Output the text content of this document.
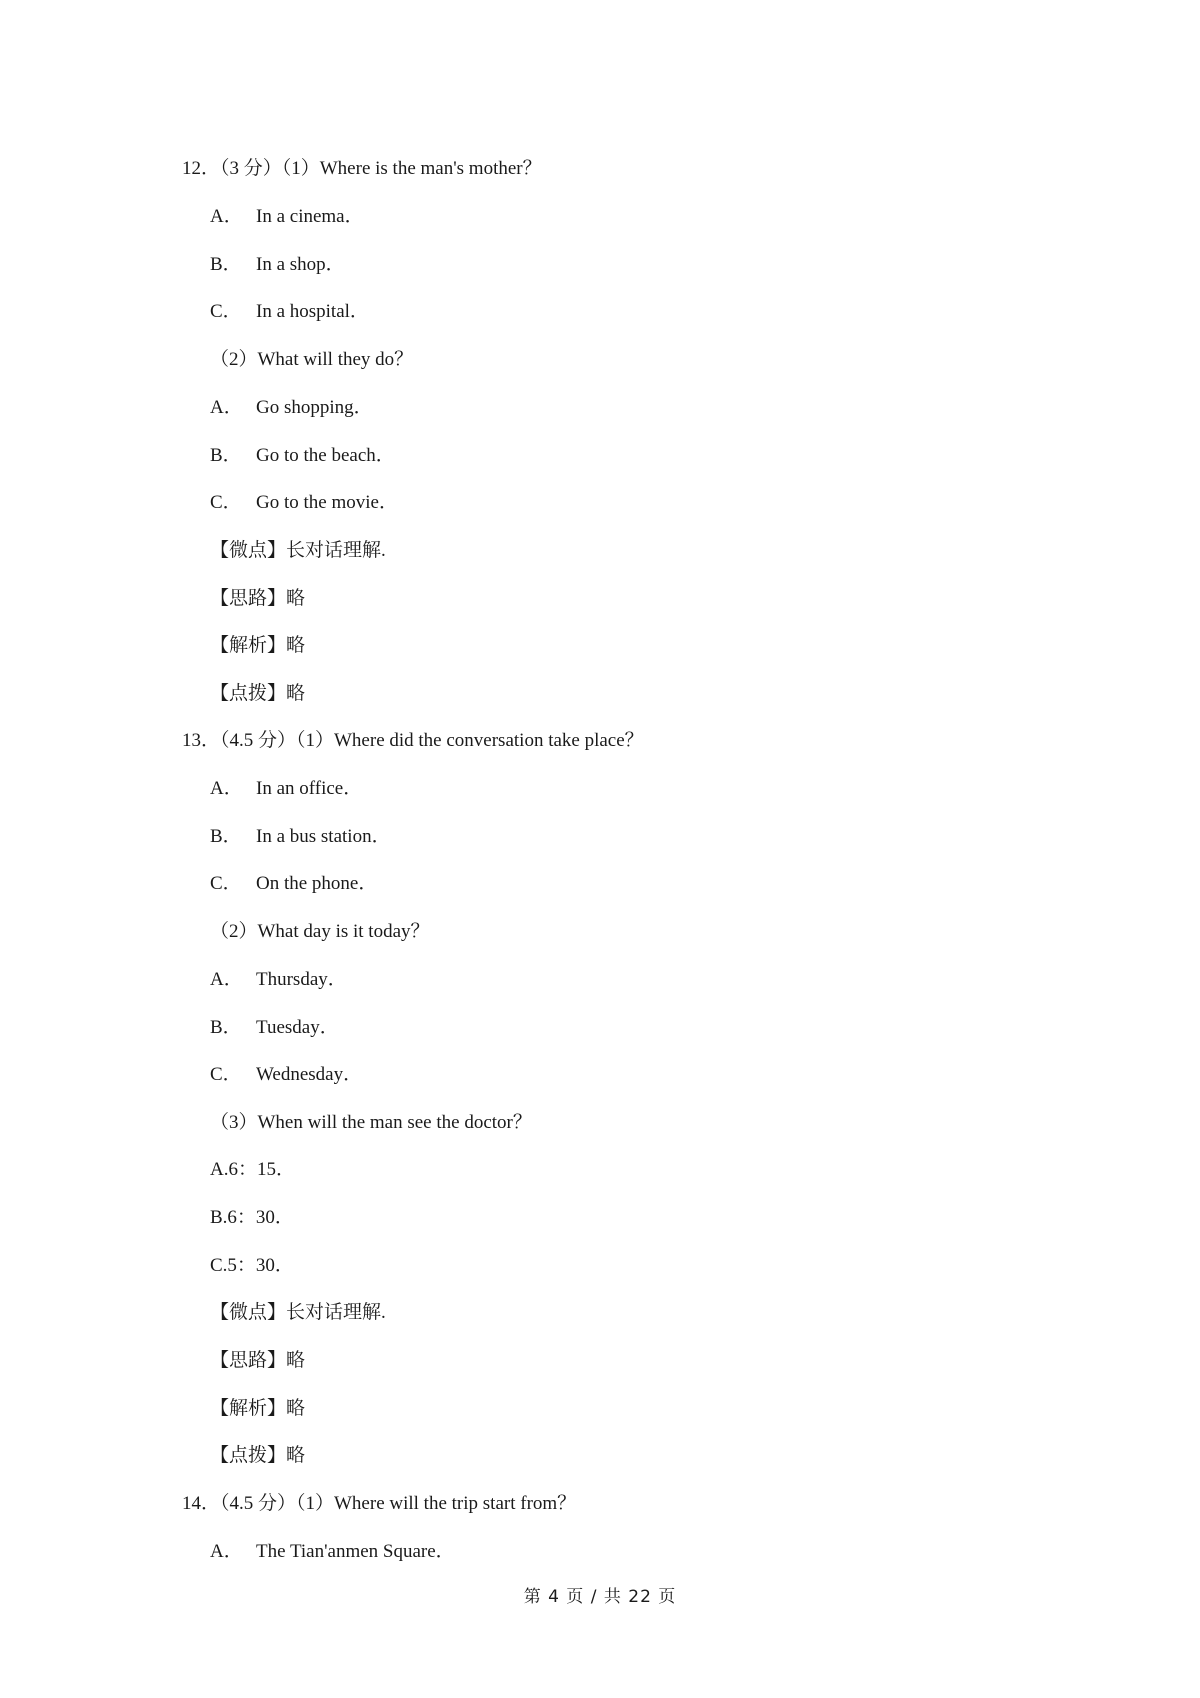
12．（3 分）（1）Where is the man's mother？
A． In a cinema．
B． In a shop．
C． In a hospital．
（2）What will they do？
A． Go shopping．
B． Go to the beach．
C． Go to the movie．
【微点】长对话理解.
【思路】略
【解析】略
【点拨】略
13．（4.5 分）（1）Where did the conversation take place？
A． In an office．
B． In a bus station．
C． On the phone．
（2）What day is it today？
A． Thursday．
B． Tuesday．
C． Wednesday．
（3）When will the man see the doctor？
A.6：15．
B.6：30．
C.5：30．
【微点】长对话理解.
【思路】略
【解析】略
【点拨】略
14．（4.5 分）（1）Where will the trip start from？
A． The Tian'anmen Square．
第 4 页 / 共 22 页
